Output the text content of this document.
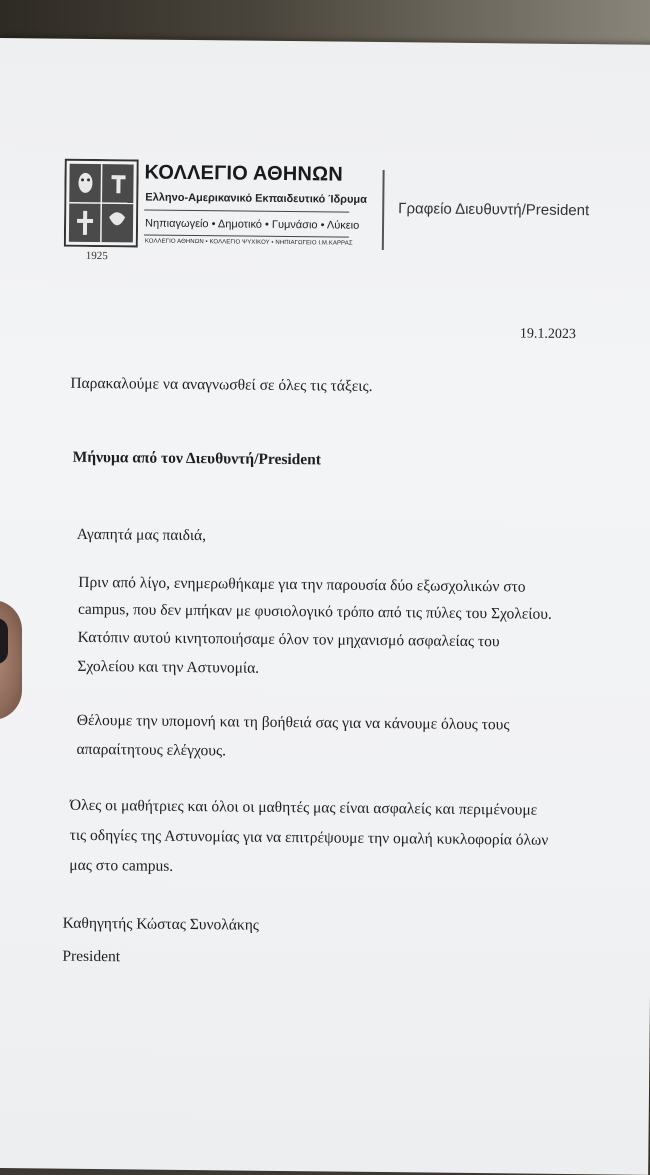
1925
ΚΟΛΛΕΓΙΟ ΑΘΗΝΩΝ
Ελληνο-Αμερικανικό Εκπαιδευτικό Ίδρυμα
Νηπιαγωγείο • Δημοτικό • Γυμνάσιο • Λύκειο
ΚΟΛΛΕΓΙΟ ΑΘΗΝΩΝ • ΚΟΛΛΕΓΙΟ ΨΥΧΙΚΟΥ • ΝΗΠΙΑΓΩΓΕΙΟ Ι.Μ.ΚΑΡΡΑΣ
Γραφείο Διευθυντή/President
19.1.2023
Παρακαλούμε να αναγνωσθεί σε όλες τις τάξεις.
Μήνυμα από τον Διευθυντή/President
Αγαπητά μας παιδιά,
Πριν από λίγο, ενημερωθήκαμε για την παρουσία δύο εξωσχολικών στο
campus, που δεν μπήκαν με φυσιολογικό τρόπο από τις πύλες του Σχολείου.
Κατόπιν αυτού κινητοποιήσαμε όλον τον μηχανισμό ασφαλείας του
Σχολείου και την Αστυνομία.
Θέλουμε την υπομονή και τη βοήθειά σας για να κάνουμε όλους τους
απαραίτητους ελέγχους.
Όλες οι μαθήτριες και όλοι οι μαθητές μας είναι ασφαλείς και περιμένουμε
τις οδηγίες της Αστυνομίας για να επιτρέψουμε την ομαλή κυκλοφορία όλων
μας στο campus.
Καθηγητής Κώστας Συνολάκης
President
